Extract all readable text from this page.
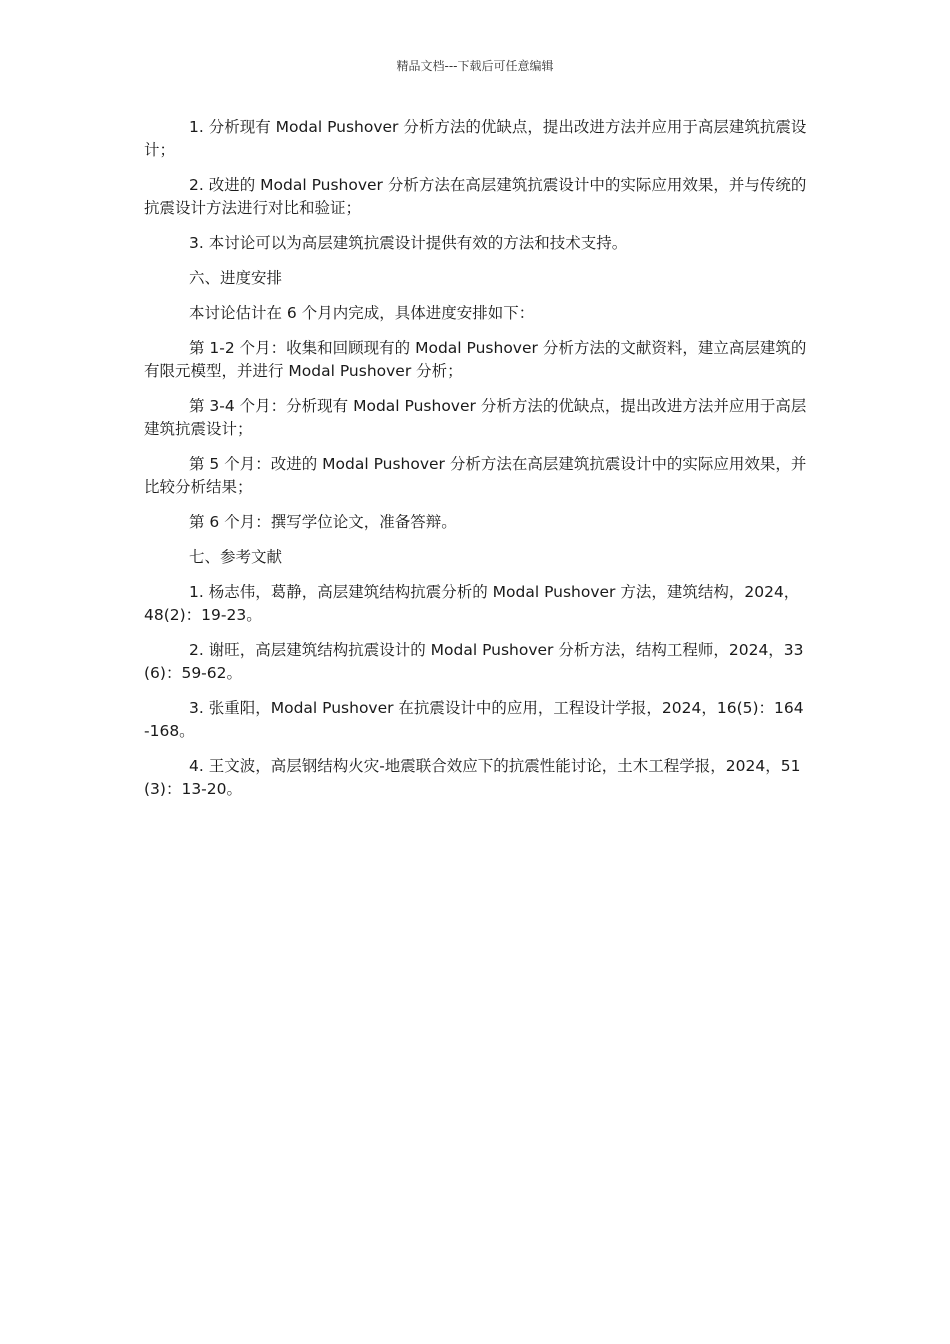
精品文档---下载后可任意编辑

1. 分析现有 Modal Pushover 分析方法的优缺点，提出改进方法并应用于高层建筑抗震设计；

2. 改进的 Modal Pushover 分析方法在高层建筑抗震设计中的实际应用效果，并与传统的抗震设计方法进行对比和验证；

3. 本讨论可以为高层建筑抗震设计提供有效的方法和技术支持。

六、进度安排

本讨论估计在 6 个月内完成，具体进度安排如下：

第 1-2 个月：收集和回顾现有的 Modal Pushover 分析方法的文献资料，建立高层建筑的有限元模型，并进行 Modal Pushover 分析；

第 3-4 个月：分析现有 Modal Pushover 分析方法的优缺点，提出改进方法并应用于高层建筑抗震设计；

第 5 个月：改进的 Modal Pushover 分析方法在高层建筑抗震设计中的实际应用效果，并比较分析结果；

第 6 个月：撰写学位论文，准备答辩。

七、参考文献

1. 杨志伟，葛静，高层建筑结构抗震分析的 Modal Pushover 方法，建筑结构，2024，48(2)：19-23。

2. 谢旺，高层建筑结构抗震设计的 Modal Pushover 分析方法，结构工程师，2024，33(6)：59-62。

3. 张重阳，Modal Pushover 在抗震设计中的应用，工程设计学报，2024，16(5)：164-168。

4. 王文波，高层钢结构火灾-地震联合效应下的抗震性能讨论，土木工程学报，2024，51(3)：13-20。
